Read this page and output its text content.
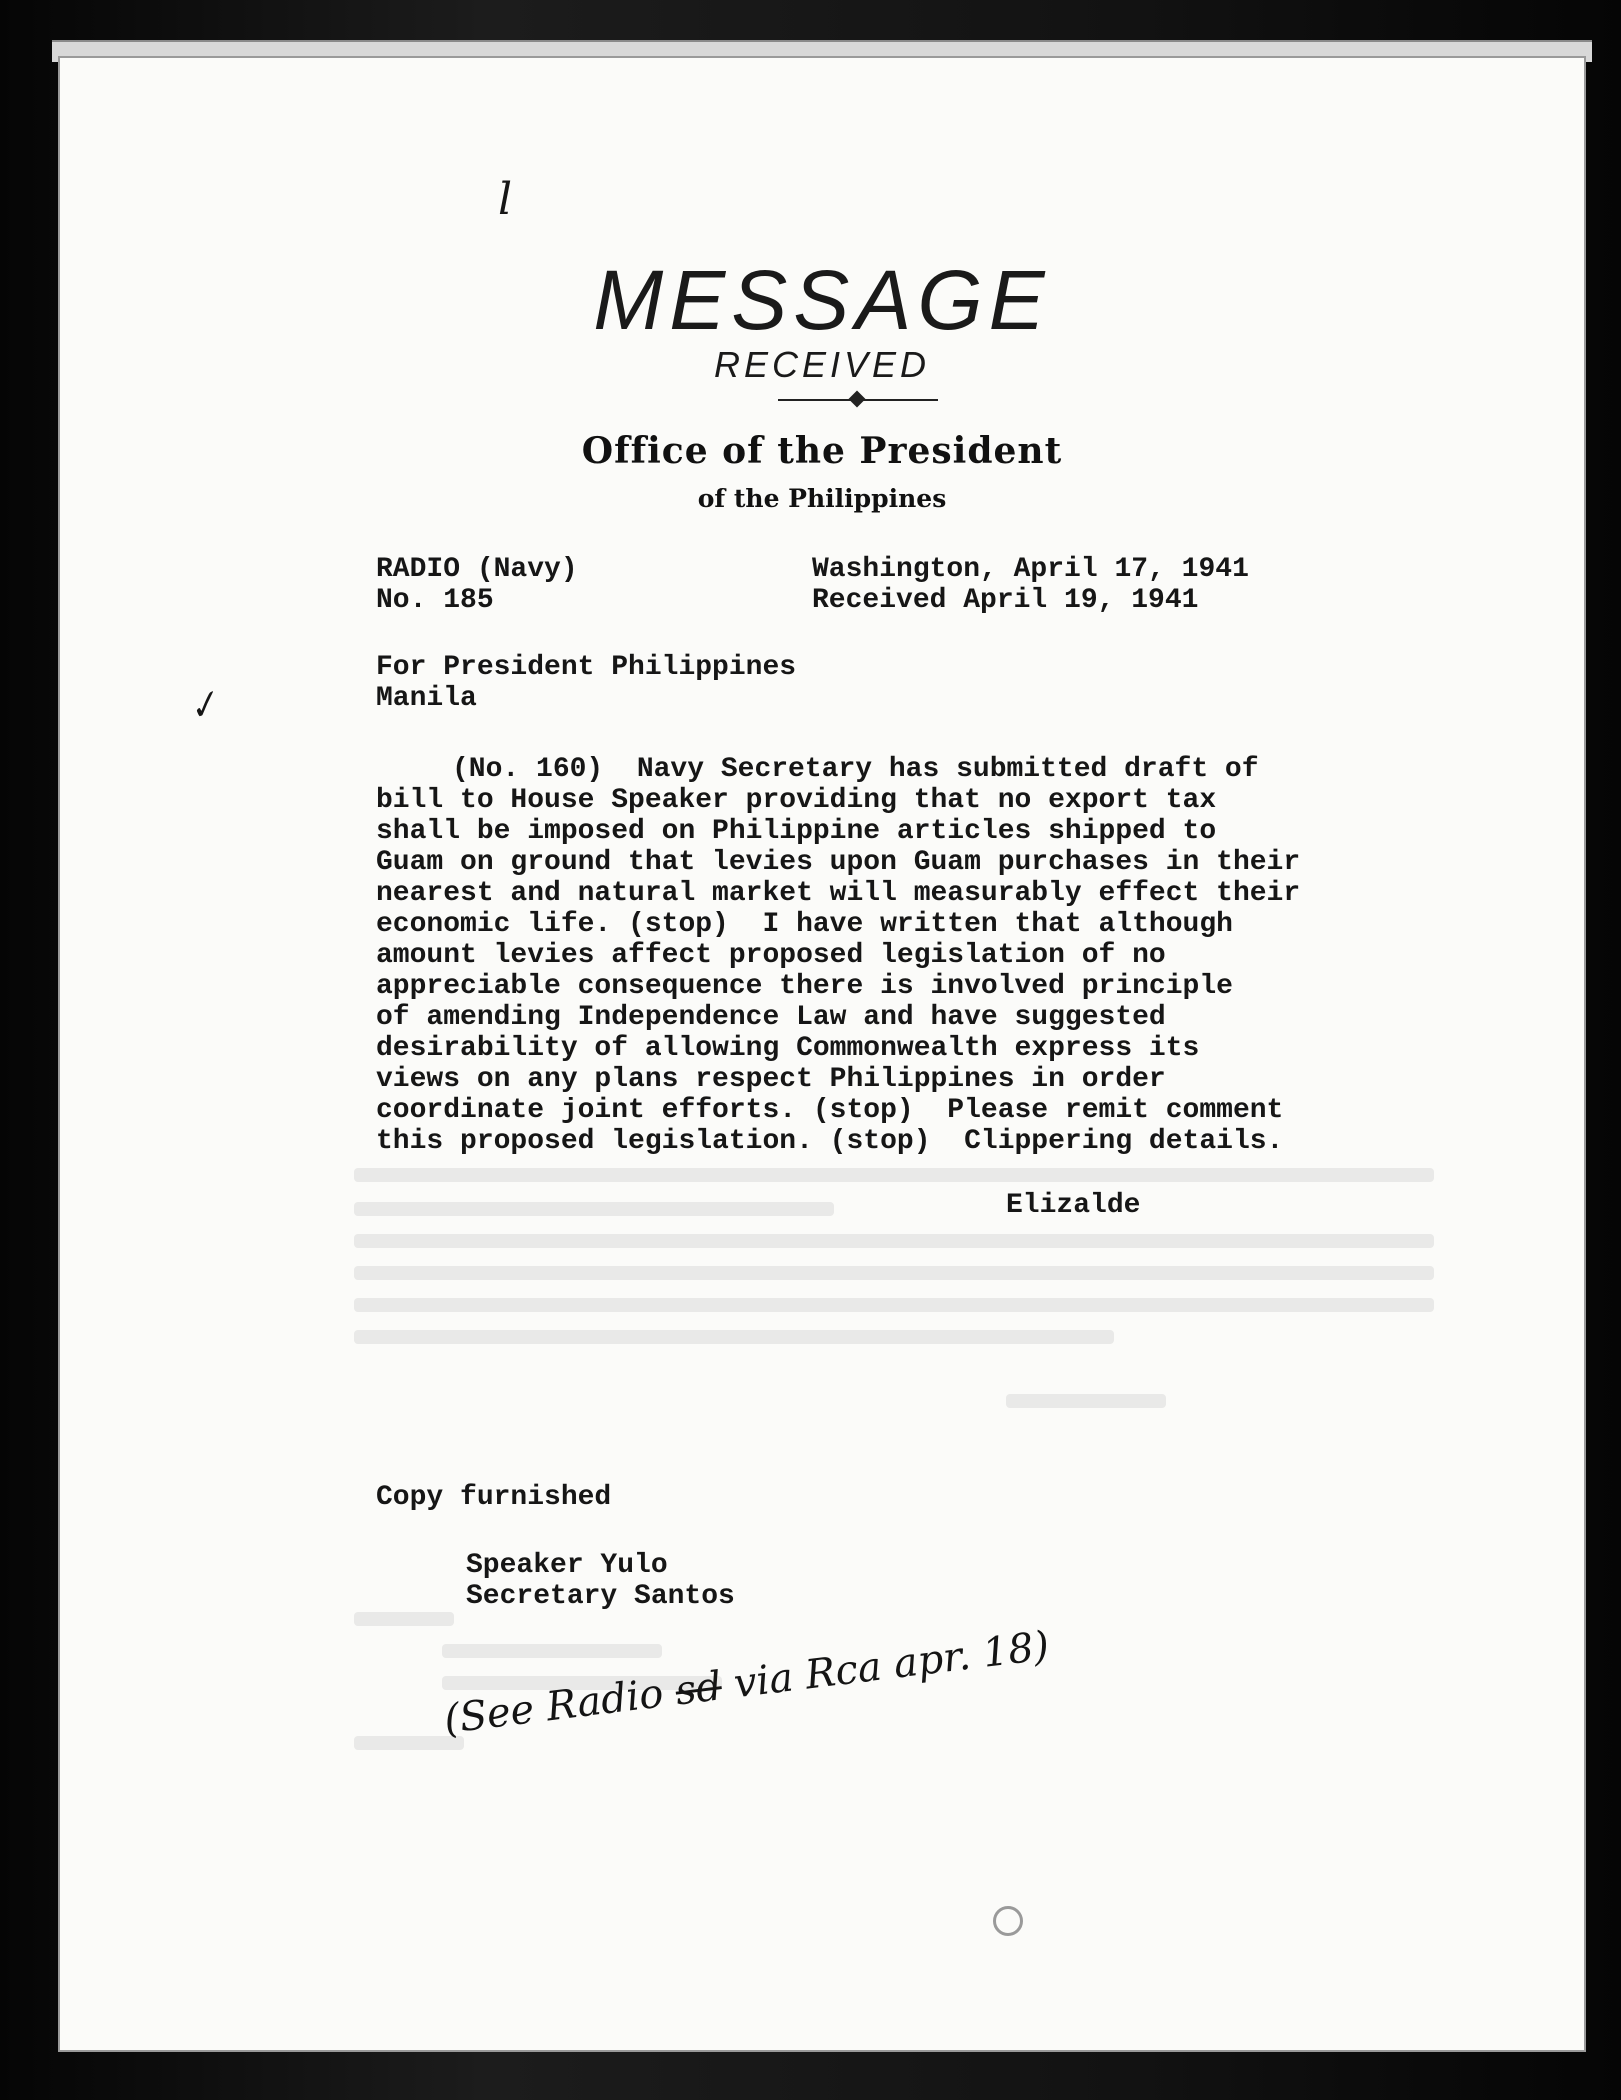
l
✓
MESSAGE
RECEIVED
Office of the President
of the Philippines
RADIO (Navy)
No. 185
Washington, April 17, 1941
Received April 19, 1941
For President Philippines
Manila
(No. 160)  Navy Secretary has submitted draft of
bill to House Speaker providing that no export tax
shall be imposed on Philippine articles shipped to
Guam on ground that levies upon Guam purchases in their
nearest and natural market will measurably effect their
economic life. (stop)  I have written that although
amount levies affect proposed legislation of no
appreciable consequence there is involved principle
of amending Independence Law and have suggested
desirability of allowing Commonwealth express its
views on any plans respect Philippines in order
coordinate joint efforts. (stop)  Please remit comment
this proposed legislation. (stop)  Clippering details.
Elizalde
Copy furnished
Speaker Yulo
Secretary Santos
(See Radio sd via Rca apr. 18)
